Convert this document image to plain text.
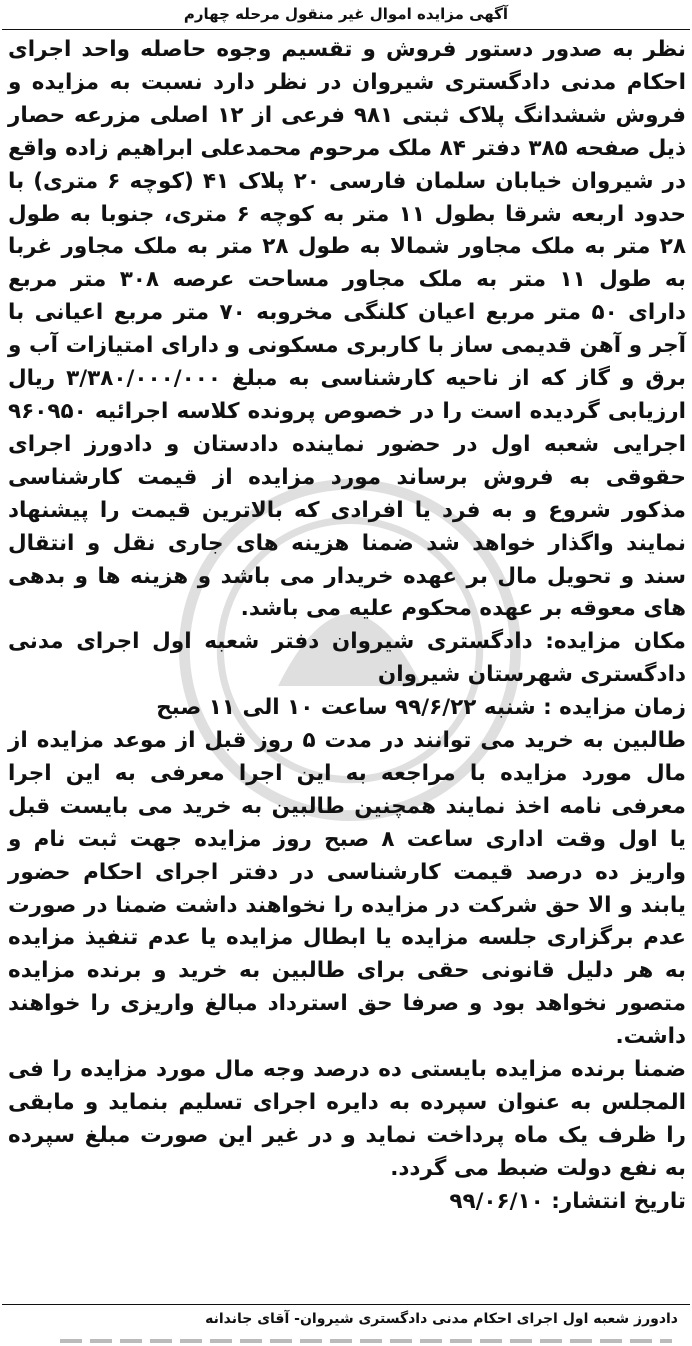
آگهی مزایده اموال غیر منقول مرحله چهارم

نظر به صدور دستور فروش و تقسیم وجوه حاصله واحد اجرای احکام مدنی دادگستری شیروان در نظر دارد نسبت به مزایده و فروش ششدانگ پلاک ثبتی ۹۸۱ فرعی از ۱۲ اصلی مزرعه حصار ذیل صفحه ۳۸۵ دفتر ۸۴ ملک مرحوم محمدعلی ابراهیم زاده واقع در شیروان خیابان سلمان فارسی ۲۰ پلاک ۴۱ (کوچه ۶ متری) با حدود اربعه شرقا بطول ۱۱ متر به کوچه ۶ متری، جنوبا به طول ۲۸ متر به ملک مجاور شمالا به طول ۲۸ متر به ملک مجاور غربا به طول ۱۱ متر به ملک مجاور مساحت عرصه ۳۰۸ متر مربع دارای ۵۰ متر مربع اعیان کلنگی مخروبه ۷۰ متر مربع اعیانی با آجر و آهن قدیمی ساز با کاربری مسکونی و دارای امتیازات آب و برق و گاز که از ناحیه کارشناسی به مبلغ ۳/۳۸۰/۰۰۰/۰۰۰ ریال ارزیابی گردیده است را در خصوص پرونده کلاسه اجرائیه ۹۶۰۹۵۰ اجرایی شعبه اول در حضور نماینده دادستان و دادورز اجرای حقوقی به فروش برساند مورد مزایده از قیمت کارشناسی مذکور شروع و به فرد یا افرادی که بالاترین قیمت را پیشنهاد نمایند واگذار خواهد شد ضمنا هزینه های جاری نقل و انتقال سند و تحویل مال بر عهده خریدار می باشد و هزینه ها و بدهی های معوقه بر عهده محکوم علیه می باشد.

مکان مزایده: دادگستری شیروان دفتر شعبه اول اجرای مدنی دادگستری شهرستان شیروان

زمان مزایده : شنبه ۹۹/۶/۲۲ ساعت ۱۰ الی ۱۱ صبح

طالبین به خرید می توانند در مدت ۵ روز قبل از موعد مزایده از مال مورد مزایده با مراجعه به این اجرا معرفی به این اجرا معرفی نامه اخذ نمایند همچنین طالبین به خرید می بایست قبل یا اول وقت اداری ساعت ۸ صبح روز مزایده جهت ثبت نام و واریز ده درصد قیمت کارشناسی در دفتر اجرای احکام حضور یابند و الا حق شرکت در مزایده را نخواهند داشت ضمنا در صورت عدم برگزاری جلسه مزایده یا ابطال مزایده یا عدم تنفیذ مزایده به هر دلیل قانونی حقی برای طالبین به خرید و برنده مزایده متصور نخواهد بود و صرفا حق استرداد مبالغ واریزی را خواهند داشت.

ضمنا برنده مزایده بایستی ده درصد وجه مال مورد مزایده را فی المجلس به عنوان سپرده به دایره اجرای تسلیم بنماید و مابقی را ظرف یک ماه پرداخت نماید و در غیر این صورت مبلغ سپرده به نفع دولت ضبط می گردد.

تاریخ انتشار: ۹۹/۰۶/۱۰

دادورز شعبه اول اجرای احکام مدنی دادگستری شیروان- آقای جاندانه
